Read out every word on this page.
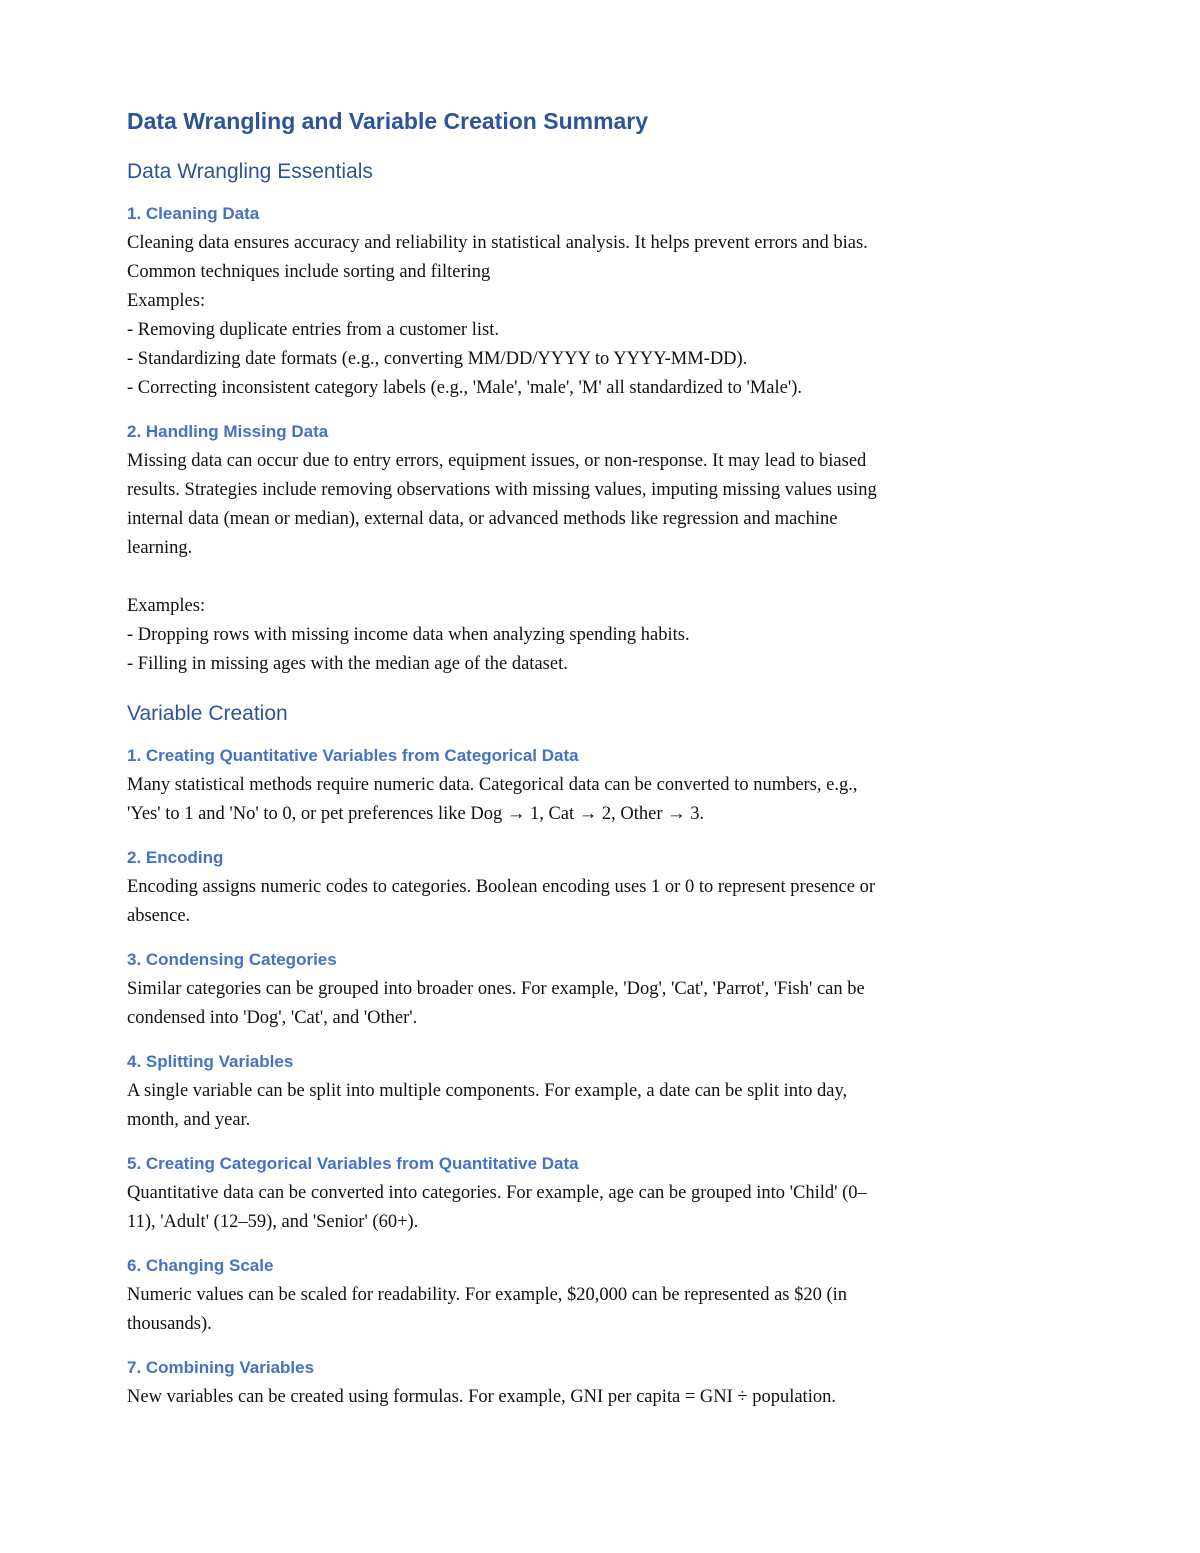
Data Wrangling and Variable Creation Summary
Data Wrangling Essentials
1. Cleaning Data
Cleaning data ensures accuracy and reliability in statistical analysis. It helps prevent errors and bias.
Common techniques include sorting and filtering
Examples:
- Removing duplicate entries from a customer list.
- Standardizing date formats (e.g., converting MM/DD/YYYY to YYYY-MM-DD).
- Correcting inconsistent category labels (e.g., 'Male', 'male', 'M' all standardized to 'Male').
2. Handling Missing Data
Missing data can occur due to entry errors, equipment issues, or non-response. It may lead to biased
results. Strategies include removing observations with missing values, imputing missing values using
internal data (mean or median), external data, or advanced methods like regression and machine
learning.
Examples:
- Dropping rows with missing income data when analyzing spending habits.
- Filling in missing ages with the median age of the dataset.
Variable Creation
1. Creating Quantitative Variables from Categorical Data
Many statistical methods require numeric data. Categorical data can be converted to numbers, e.g.,
'Yes' to 1 and 'No' to 0, or pet preferences like Dog → 1, Cat → 2, Other → 3.
2. Encoding
Encoding assigns numeric codes to categories. Boolean encoding uses 1 or 0 to represent presence or
absence.
3. Condensing Categories
Similar categories can be grouped into broader ones. For example, 'Dog', 'Cat', 'Parrot', 'Fish' can be
condensed into 'Dog', 'Cat', and 'Other'.
4. Splitting Variables
A single variable can be split into multiple components. For example, a date can be split into day,
month, and year.
5. Creating Categorical Variables from Quantitative Data
Quantitative data can be converted into categories. For example, age can be grouped into 'Child' (0–
11), 'Adult' (12–59), and 'Senior' (60+).
6. Changing Scale
Numeric values can be scaled for readability. For example, $20,000 can be represented as $20 (in
thousands).
7. Combining Variables
New variables can be created using formulas. For example, GNI per capita = GNI ÷ population.
